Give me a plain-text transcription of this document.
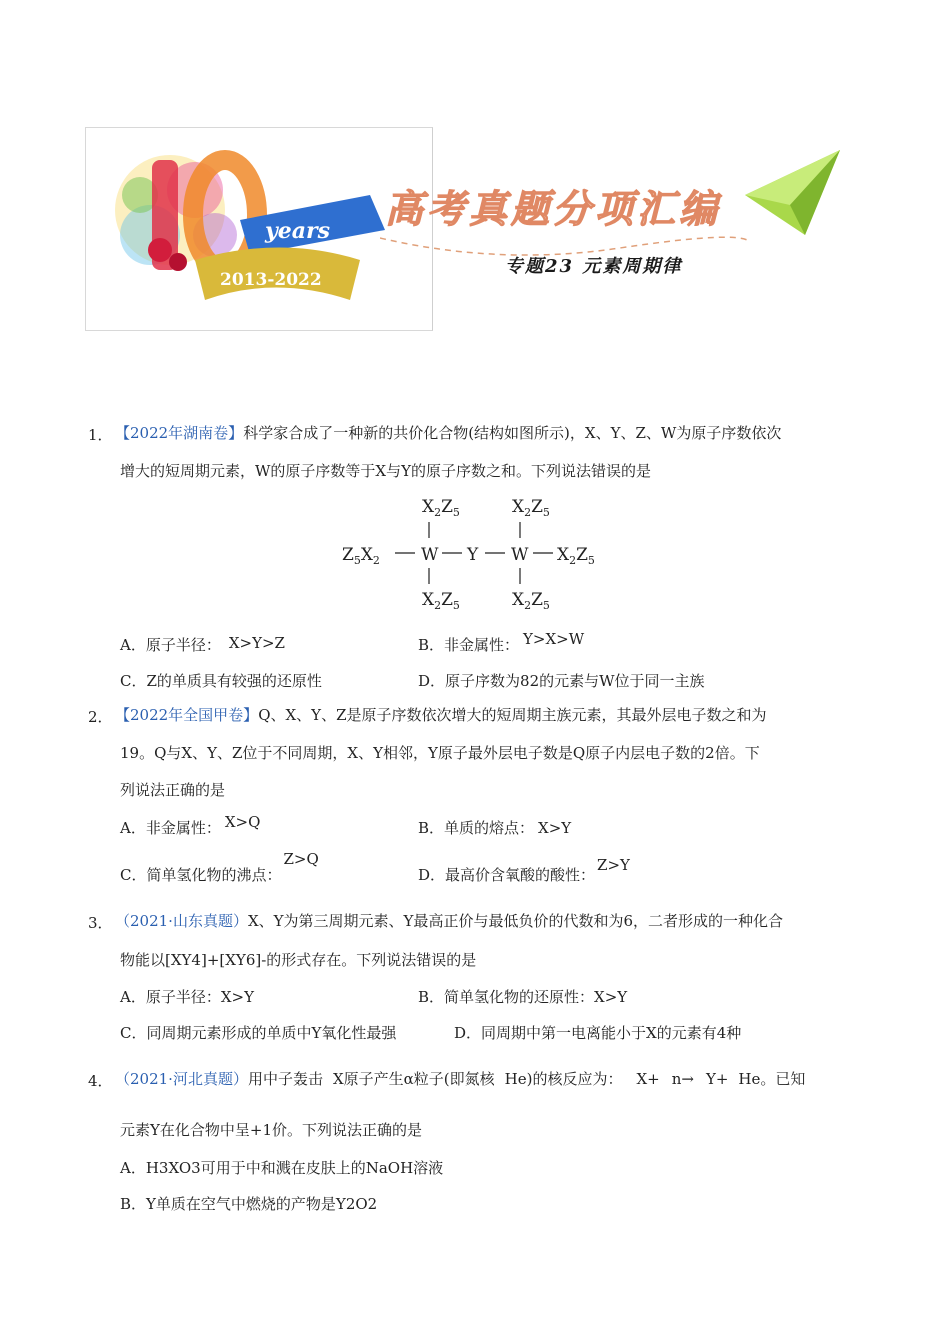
years
2013-2022
高考真题分项汇编
专题23 元素周期律
1． 【2022年湖南卷】科学家合成了一种新的共价化合物(结构如图所示)，X、Y、Z、W为原子序数依次
增大的短周期元素，W的原子序数等于X与Y的原子序数之和。下列说法错误的是
$X_2Z_5$	$X_2Z_5$
$Z_5X_2$ W Y W $X_2Z_5$
$X_2Z_5$	$X_2Z_5$
A．原子半径： X>Y>Z	B．非金属性： Y>X>W
C．Z的单质具有较强的还原性	D．原子序数为82的元素与W位于同一主族
2． 【2022年全国甲卷】Q、X、Y、Z是原子序数依次增大的短周期主族元素，其最外层电子数之和为
19。Q与X、Y、Z位于不同周期，X、Y相邻，Y原子最外层电子数是Q原子内层电子数的2倍。下
列说法正确的是
A．非金属性： X>Q	B．单质的熔点： X>Y
C．简单氢化物的沸点：Z>Q
D．最高价含氧酸的酸性：Z>Y
3． （2021·山东真题）X、Y为第三周期元素、Y最高正价与最低负价的代数和为6，二者形成的一种化合
物能以[XY4]+[XY6]-的形式存在。下列说法错误的是
A．原子半径：X>Y	B．简单氢化物的还原性：X>Y
C．同周期元素形成的单质中Y氧化性最强	D．同周期中第一电离能小于X的元素有4种
4． （2021·河北真题）用中子轰击 X原子产生α粒子(即氮核 He)的核反应为： X+ n→ Y+ He。已知
元素Y在化合物中呈+1价。下列说法正确的是
A．H3XO3可用于中和溅在皮肤上的NaOH溶液
B．Y单质在空气中燃烧的产物是Y2O2
